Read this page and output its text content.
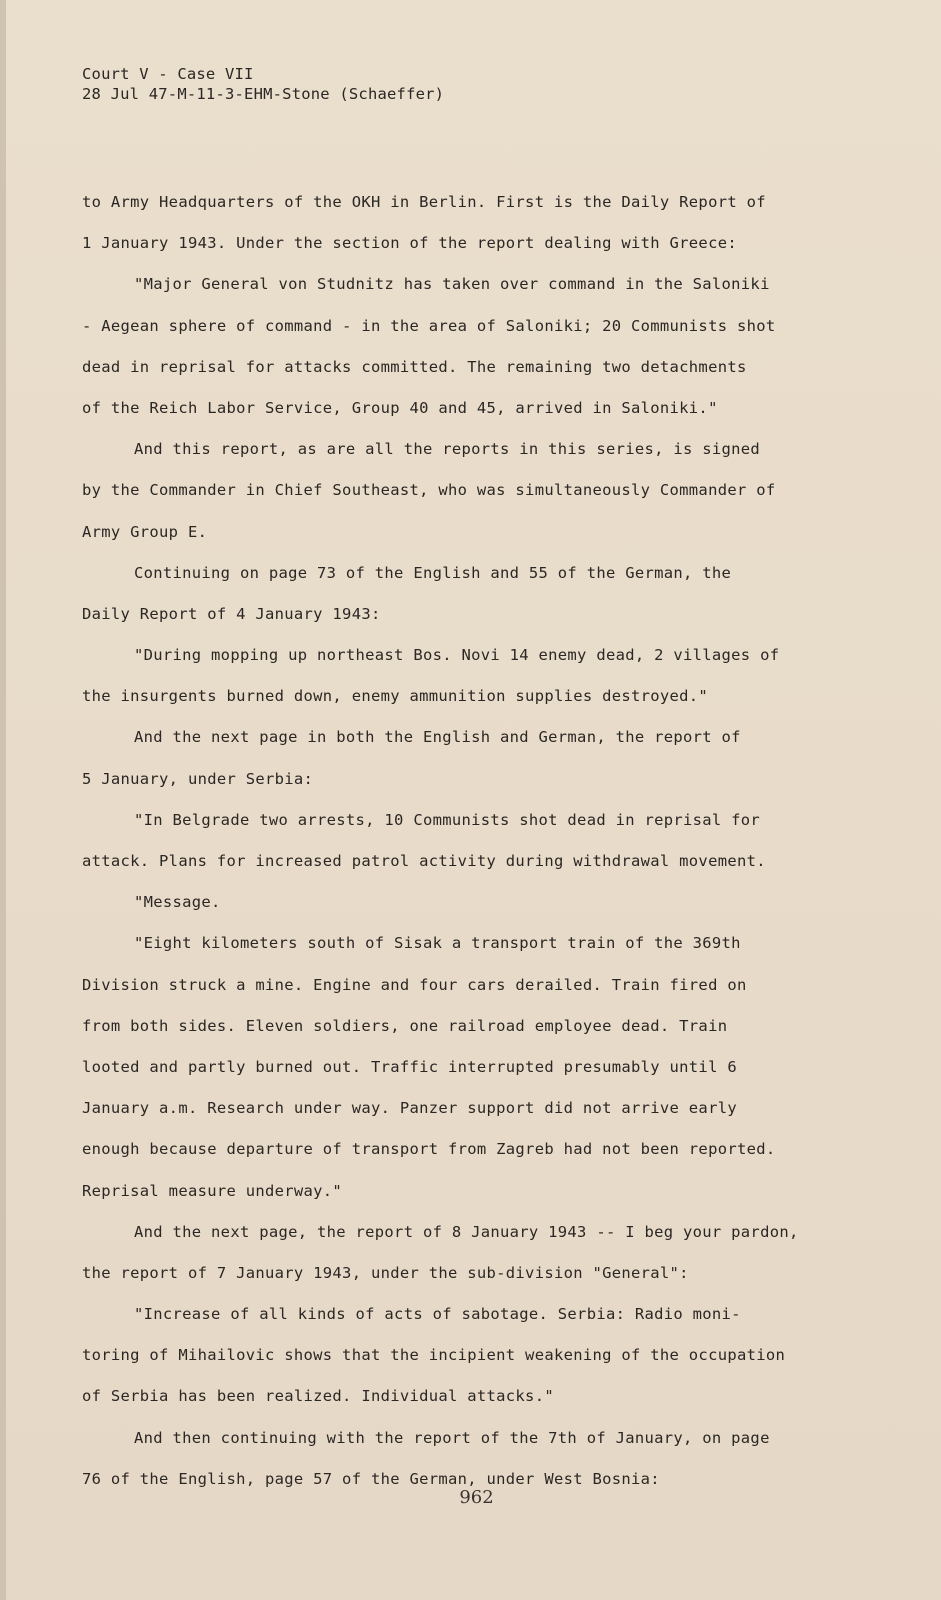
Court V - Case VII
28 Jul 47-M-11-3-EHM-Stone (Schaeffer)
to Army Headquarters of the OKH in Berlin. First is the Daily Report of
1 January 1943. Under the section of the report dealing with Greece:
"Major General von Studnitz has taken over command in the Saloniki
- Aegean sphere of command - in the area of Saloniki; 20 Communists shot
dead in reprisal for attacks committed. The remaining two detachments
of the Reich Labor Service, Group 40 and 45, arrived in Saloniki."
And this report, as are all the reports in this series, is signed
by the Commander in Chief Southeast, who was simultaneously Commander of
Army Group E.
Continuing on page 73 of the English and 55 of the German, the
Daily Report of 4 January 1943:
"During mopping up northeast Bos. Novi 14 enemy dead, 2 villages of
the insurgents burned down, enemy ammunition supplies destroyed."
And the next page in both the English and German, the report of
5 January, under Serbia:
"In Belgrade two arrests, 10 Communists shot dead in reprisal for
attack. Plans for increased patrol activity during withdrawal movement.
"Message.
"Eight kilometers south of Sisak a transport train of the 369th
Division struck a mine. Engine and four cars derailed. Train fired on
from both sides. Eleven soldiers, one railroad employee dead. Train
looted and partly burned out. Traffic interrupted presumably until 6
January a.m. Research under way. Panzer support did not arrive early
enough because departure of transport from Zagreb had not been reported.
Reprisal measure underway."
And the next page, the report of 8 January 1943 -- I beg your pardon,
the report of 7 January 1943, under the sub-division "General":
"Increase of all kinds of acts of sabotage. Serbia: Radio moni-
toring of Mihailovic shows that the incipient weakening of the occupation
of Serbia has been realized. Individual attacks."
And then continuing with the report of the 7th of January, on page
76 of the English, page 57 of the German, under West Bosnia:
962
